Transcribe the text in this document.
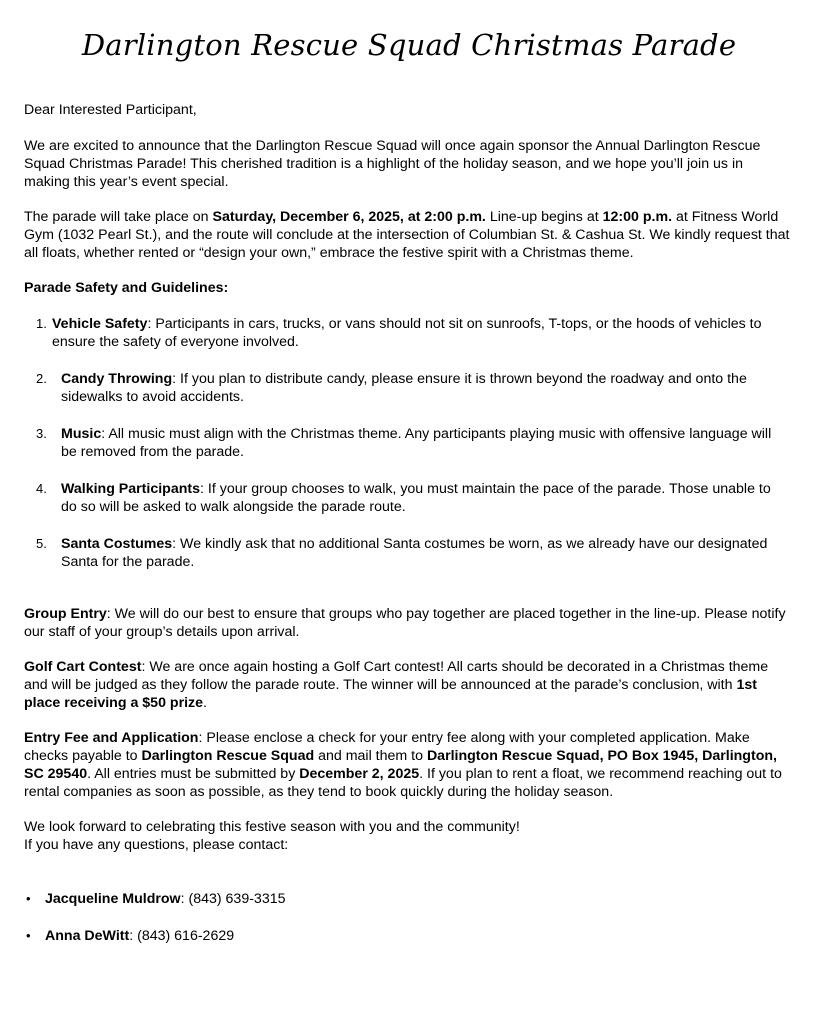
Darlington Rescue Squad Christmas Parade

Dear Interested Participant,

We are excited to announce that the Darlington Rescue Squad will once again sponsor the Annual Darlington Rescue Squad Christmas Parade! This cherished tradition is a highlight of the holiday season, and we hope you’ll join us in making this year’s event special.

The parade will take place on Saturday, December 6, 2025, at 2:00 p.m. Line-up begins at 12:00 p.m. at Fitness World Gym (1032 Pearl St.), and the route will conclude at the intersection of Columbian St. & Cashua St. We kindly request that all floats, whether rented or “design your own,” embrace the festive spirit with a Christmas theme.

Parade Safety and Guidelines:

1. Vehicle Safety: Participants in cars, trucks, or vans should not sit on sunroofs, T-tops, or the hoods of vehicles to ensure the safety of everyone involved.
2. Candy Throwing: If you plan to distribute candy, please ensure it is thrown beyond the roadway and onto the sidewalks to avoid accidents.
3. Music: All music must align with the Christmas theme. Any participants playing music with offensive language will be removed from the parade.
4. Walking Participants: If your group chooses to walk, you must maintain the pace of the parade. Those unable to do so will be asked to walk alongside the parade route.
5. Santa Costumes: We kindly ask that no additional Santa costumes be worn, as we already have our designated Santa for the parade.

Group Entry: We will do our best to ensure that groups who pay together are placed together in the line-up. Please notify our staff of your group’s details upon arrival.

Golf Cart Contest: We are once again hosting a Golf Cart contest! All carts should be decorated in a Christmas theme and will be judged as they follow the parade route. The winner will be announced at the parade’s conclusion, with 1st place receiving a $50 prize.

Entry Fee and Application: Please enclose a check for your entry fee along with your completed application. Make checks payable to Darlington Rescue Squad and mail them to Darlington Rescue Squad, PO Box 1945, Darlington, SC 29540. All entries must be submitted by December 2, 2025. If you plan to rent a float, we recommend reaching out to rental companies as soon as possible, as they tend to book quickly during the holiday season.

We look forward to celebrating this festive season with you and the community!

If you have any questions, please contact:

• Jacqueline Muldrow: (843) 639-3315
• Anna DeWitt: (843) 616-2629
